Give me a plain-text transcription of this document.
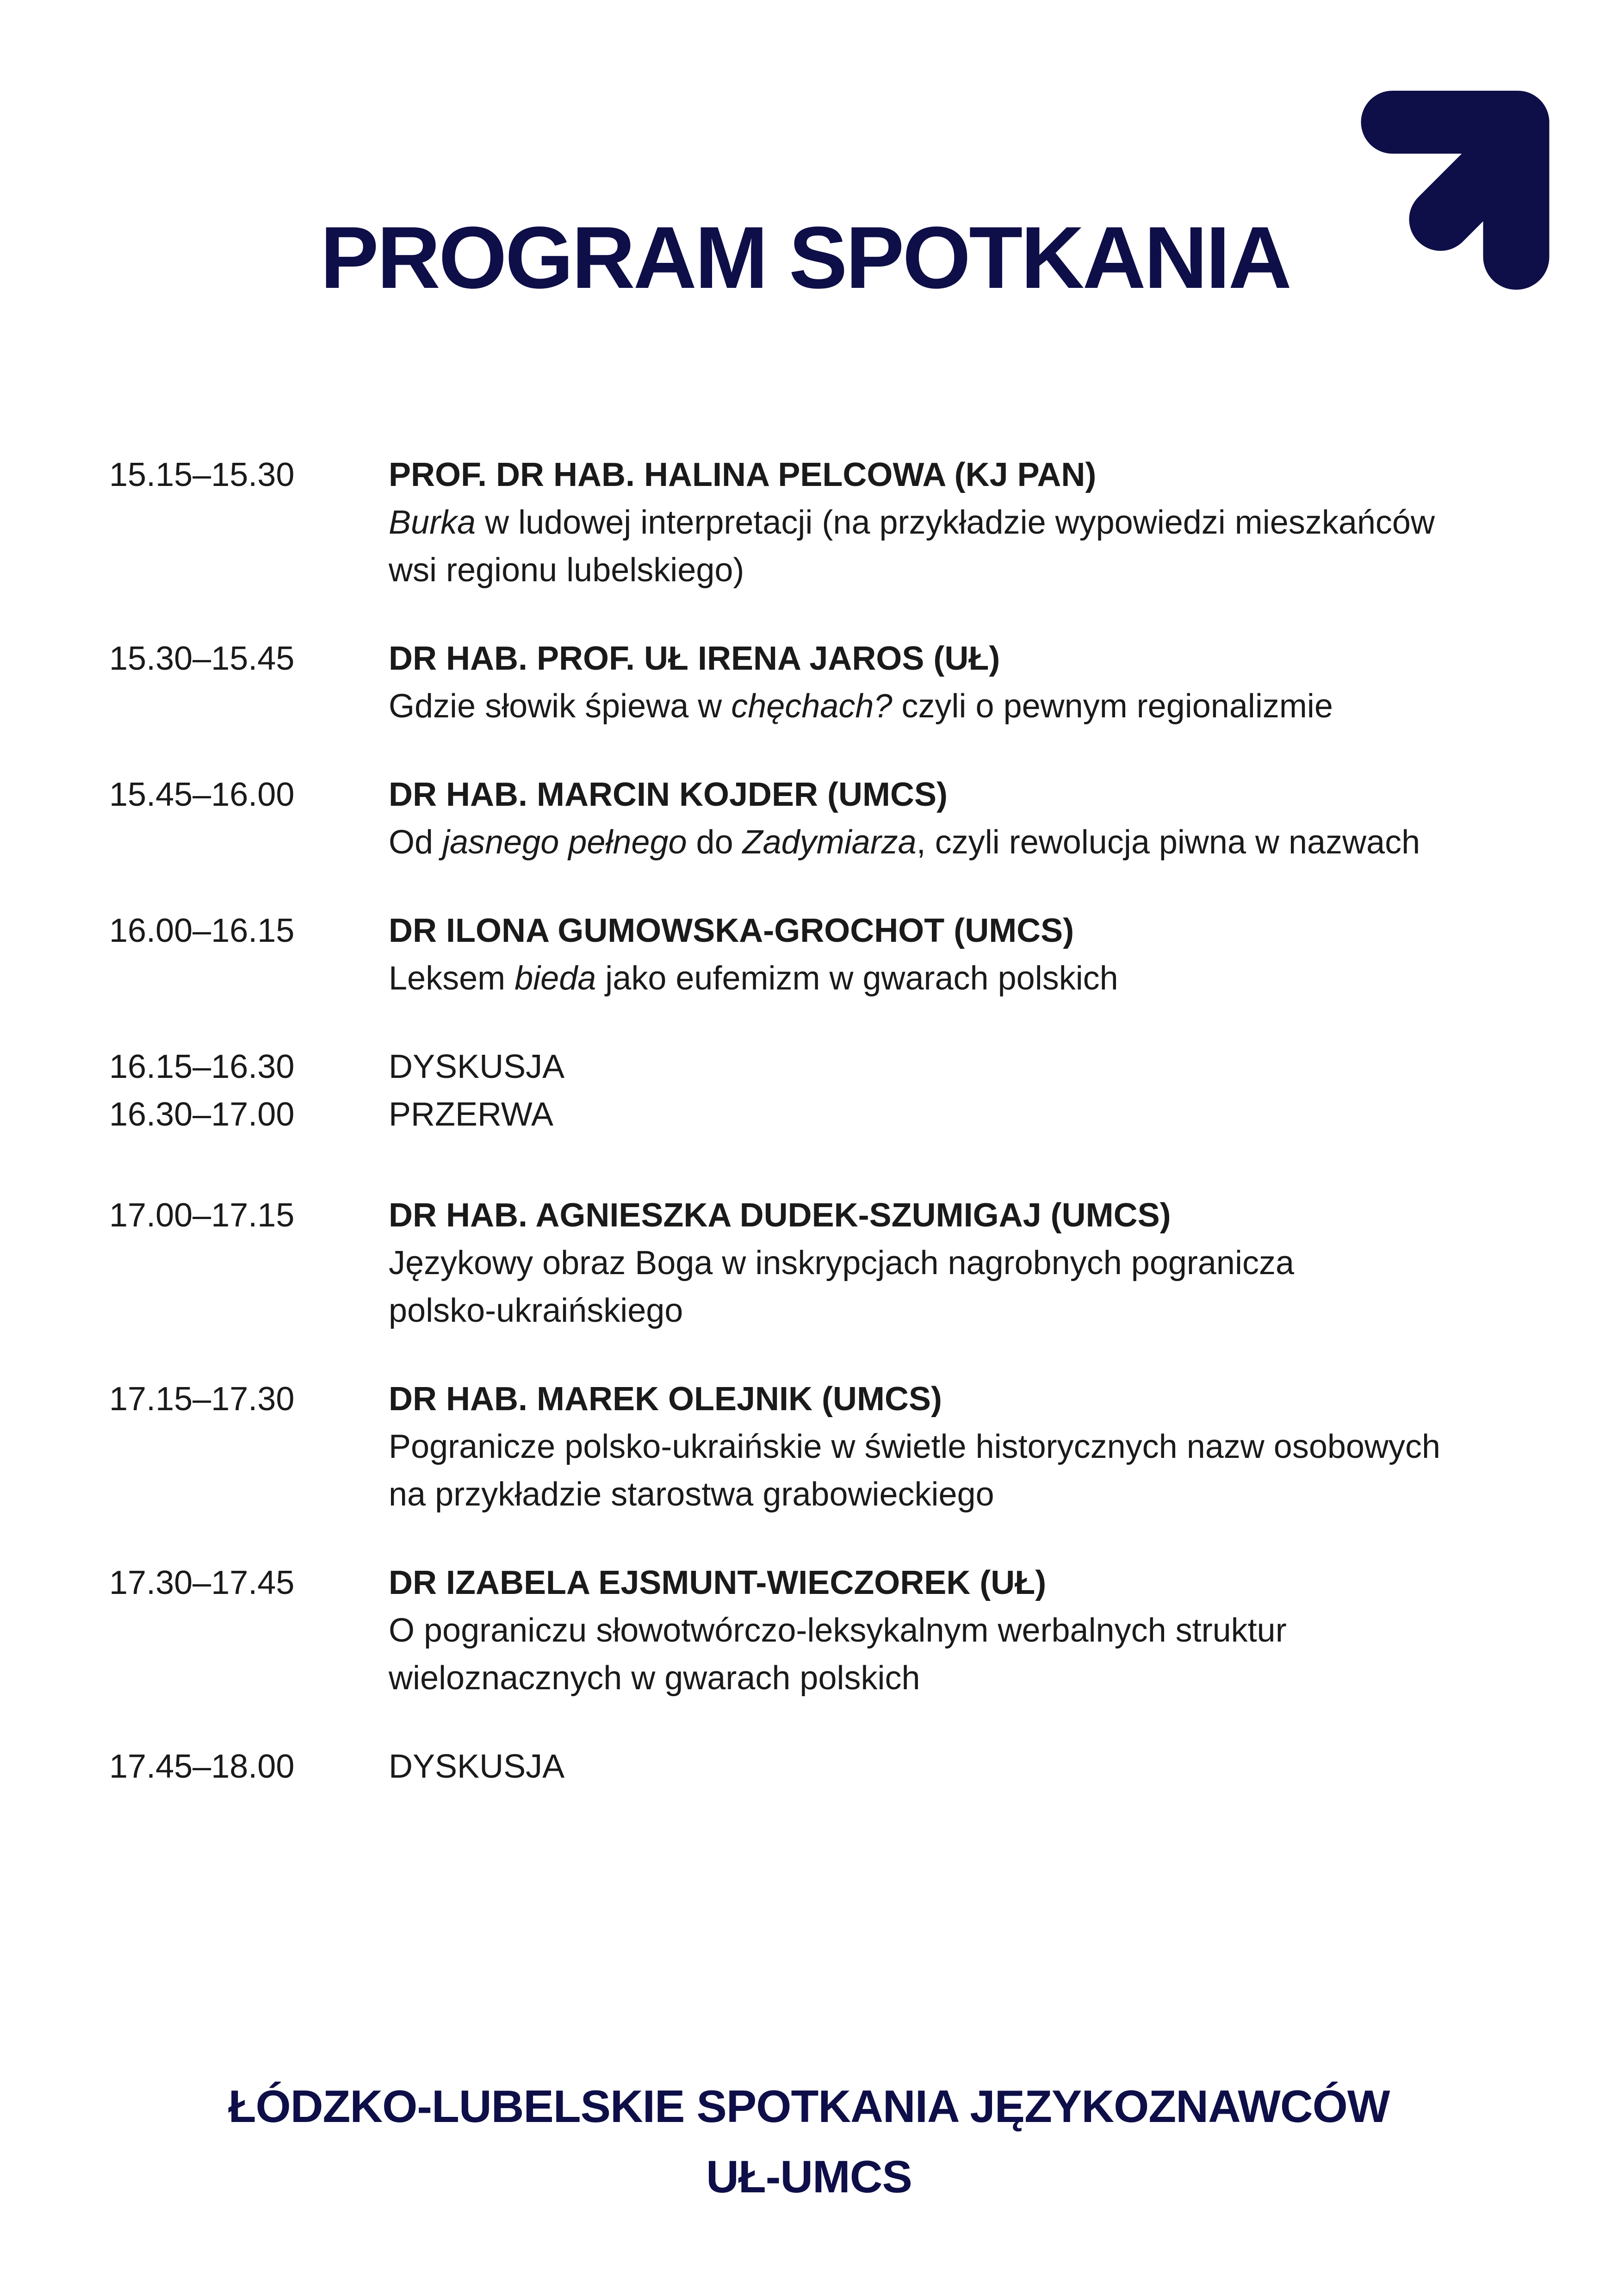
PROGRAM SPOTKANIA
15.15–15.30	PROF. DR HAB. HALINA PELCOWA (KJ PAN)
Burka w ludowej interpretacji (na przykładzie wypowiedzi mieszkańców
wsi regionu lubelskiego)
15.30–15.45	DR HAB. PROF. UŁ IRENA JAROS (UŁ)
Gdzie słowik śpiewa w chęchach? czyli o pewnym regionalizmie
15.45–16.00	DR HAB. MARCIN KOJDER (UMCS)
Od jasnego pełnego do Zadymiarza, czyli rewolucja piwna w nazwach
16.00–16.15	DR ILONA GUMOWSKA-GROCHOT (UMCS)
Leksem bieda jako eufemizm w gwarach polskich
16.15–16.30	DYSKUSJA
16.30–17.00	PRZERWA
17.00–17.15	DR HAB. AGNIESZKA DUDEK-SZUMIGAJ (UMCS)
Językowy obraz Boga w inskrypcjach nagrobnych pogranicza
polsko-ukraińskiego
17.15–17.30	DR HAB. MAREK OLEJNIK (UMCS)
Pogranicze polsko-ukraińskie w świetle historycznych nazw osobowych
na przykładzie starostwa grabowieckiego
17.30–17.45	DR IZABELA EJSMUNT-WIECZOREK (UŁ)
O pograniczu słowotwórczo-leksykalnym werbalnych struktur
wieloznacznych w gwarach polskich
17.45–18.00	DYSKUSJA
ŁÓDZKO-LUBELSKIE SPOTKANIA JĘZYKOZNAWCÓW
UŁ-UMCS
